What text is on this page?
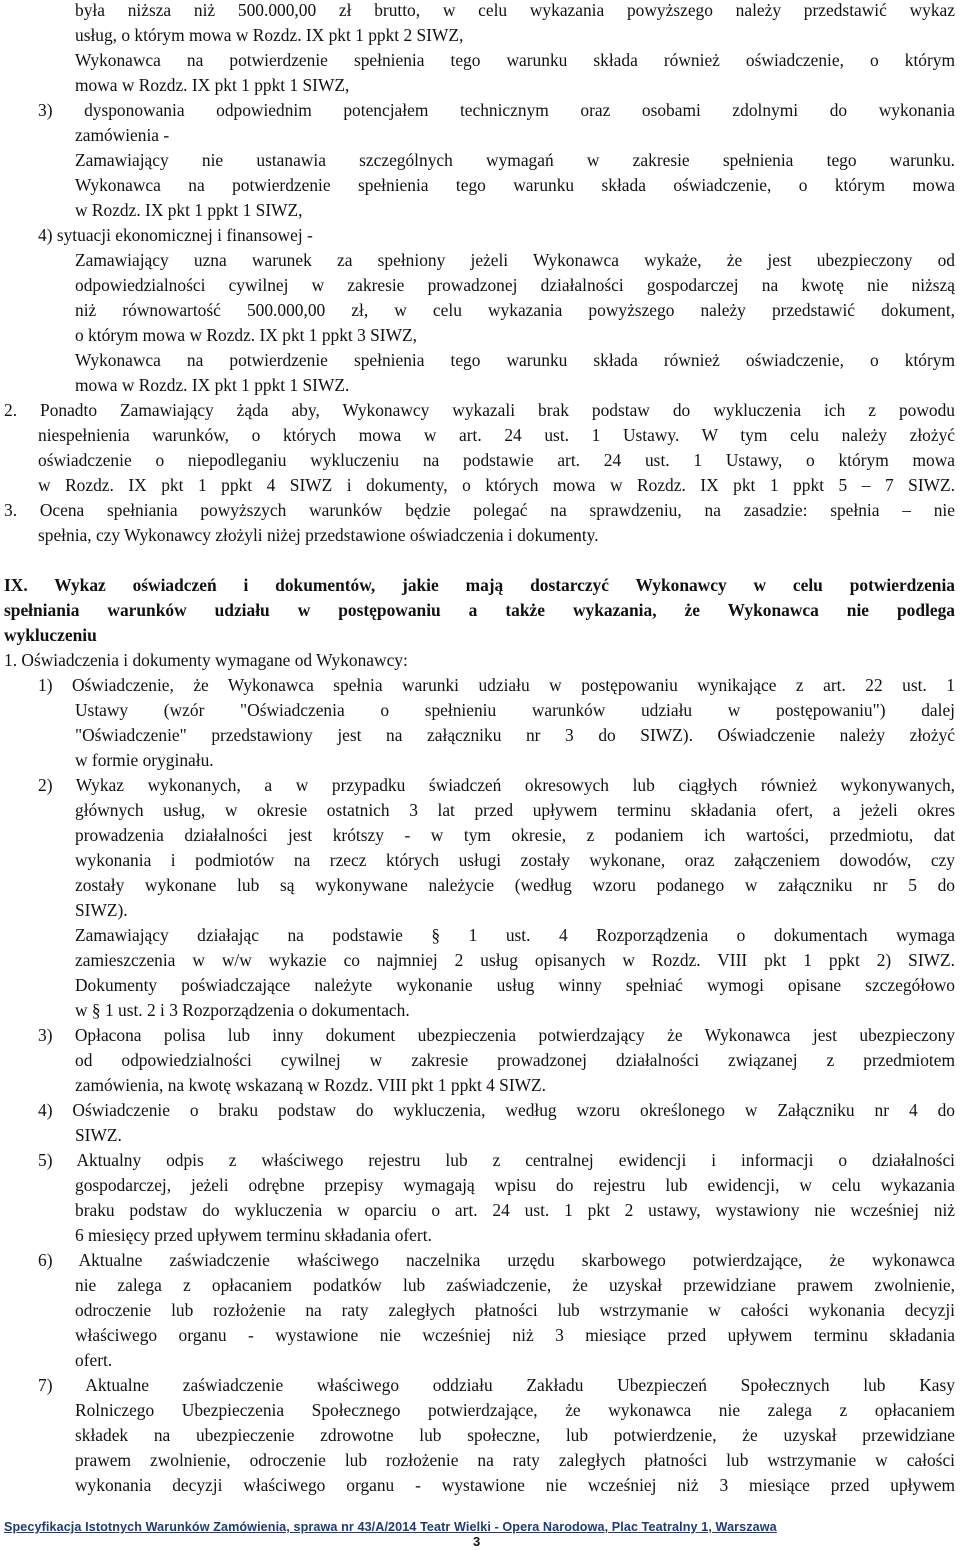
była niższa niż 500.000,00 zł brutto, w celu wykazania powyższego należy przedstawić wykaz
usług, o którym mowa w Rozdz. IX pkt 1 ppkt 2 SIWZ,
Wykonawca na potwierdzenie spełnienia tego warunku składa również oświadczenie, o którym
mowa w Rozdz. IX pkt 1 ppkt 1 SIWZ,
3) dysponowania odpowiednim potencjałem technicznym oraz osobami zdolnymi do wykonania
zamówienia -
Zamawiający nie ustanawia szczególnych wymagań w zakresie spełnienia tego warunku.
Wykonawca na potwierdzenie spełnienia tego warunku składa oświadczenie, o którym mowa
w Rozdz. IX pkt 1 ppkt 1 SIWZ,
4) sytuacji ekonomicznej i finansowej -
Zamawiający uzna warunek za spełniony jeżeli Wykonawca wykaże, że jest ubezpieczony od
odpowiedzialności cywilnej w zakresie prowadzonej działalności gospodarczej na kwotę nie niższą
niż równowartość 500.000,00 zł, w celu wykazania powyższego należy przedstawić dokument,
o którym mowa w Rozdz. IX pkt 1 ppkt 3 SIWZ,
Wykonawca na potwierdzenie spełnienia tego warunku składa również oświadczenie, o którym
mowa w Rozdz. IX pkt 1 ppkt 1 SIWZ.
2. Ponadto Zamawiający żąda aby, Wykonawcy wykazali brak podstaw do wykluczenia ich z powodu
niespełnienia warunków, o których mowa w art. 24 ust. 1 Ustawy. W tym celu należy złożyć
oświadczenie o niepodleganiu wykluczeniu na podstawie art. 24 ust. 1 Ustawy, o którym mowa
w Rozdz. IX pkt 1 ppkt 4 SIWZ i dokumenty, o których mowa w Rozdz. IX pkt 1 ppkt 5 – 7 SIWZ.
3. Ocena spełniania powyższych warunków będzie polegać na sprawdzeniu, na zasadzie: spełnia – nie
spełnia, czy Wykonawcy złożyli niżej przedstawione oświadczenia i dokumenty.
IX. Wykaz oświadczeń i dokumentów, jakie mają dostarczyć Wykonawcy w celu potwierdzenia
spełniania warunków udziału w postępowaniu a także wykazania, że Wykonawca nie podlega
wykluczeniu
1. Oświadczenia i dokumenty wymagane od Wykonawcy:
1) Oświadczenie, że Wykonawca spełnia warunki udziału w postępowaniu wynikające z art. 22 ust. 1
Ustawy (wzór "Oświadczenia o spełnieniu warunków udziału w postępowaniu") dalej
"Oświadczenie" przedstawiony jest na załączniku nr 3 do SIWZ). Oświadczenie należy złożyć
w formie oryginału.
2) Wykaz wykonanych, a w przypadku świadczeń okresowych lub ciągłych również wykonywanych,
głównych usług, w okresie ostatnich 3 lat przed upływem terminu składania ofert, a jeżeli okres
prowadzenia działalności jest krótszy - w tym okresie, z podaniem ich wartości, przedmiotu, dat
wykonania i podmiotów na rzecz których usługi zostały wykonane, oraz załączeniem dowodów, czy
zostały wykonane lub są wykonywane należycie (według wzoru podanego w załączniku nr 5 do
SIWZ).
Zamawiający działając na podstawie § 1 ust. 4 Rozporządzenia o dokumentach wymaga
zamieszczenia w w/w wykazie co najmniej 2 usług opisanych w Rozdz. VIII pkt 1 ppkt 2) SIWZ.
Dokumenty poświadczające należyte wykonanie usług winny spełniać wymogi opisane szczegółowo
w § 1 ust. 2 i 3 Rozporządzenia o dokumentach.
3) Opłacona polisa lub inny dokument ubezpieczenia potwierdzający że Wykonawca jest ubezpieczony
od odpowiedzialności cywilnej w zakresie prowadzonej działalności związanej z przedmiotem
zamówienia, na kwotę wskazaną w Rozdz. VIII pkt 1 ppkt 4 SIWZ.
4) Oświadczenie o braku podstaw do wykluczenia, według wzoru określonego w Załączniku nr 4 do
SIWZ.
5) Aktualny odpis z właściwego rejestru lub z centralnej ewidencji i informacji o działalności
gospodarczej, jeżeli odrębne przepisy wymagają wpisu do rejestru lub ewidencji, w celu wykazania
braku podstaw do wykluczenia w oparciu o art. 24 ust. 1 pkt 2 ustawy, wystawiony nie wcześniej niż
6 miesięcy przed upływem terminu składania ofert.
6) Aktualne zaświadczenie właściwego naczelnika urzędu skarbowego potwierdzające, że wykonawca
nie zalega z opłacaniem podatków lub zaświadczenie, że uzyskał przewidziane prawem zwolnienie,
odroczenie lub rozłożenie na raty zaległych płatności lub wstrzymanie w całości wykonania decyzji
właściwego organu - wystawione nie wcześniej niż 3 miesiące przed upływem terminu składania
ofert.
7) Aktualne zaświadczenie właściwego oddziału Zakładu Ubezpieczeń Społecznych lub Kasy
Rolniczego Ubezpieczenia Społecznego potwierdzające, że wykonawca nie zalega z opłacaniem
składek na ubezpieczenie zdrowotne lub społeczne, lub potwierdzenie, że uzyskał przewidziane
prawem zwolnienie, odroczenie lub rozłożenie na raty zaległych płatności lub wstrzymanie w całości
wykonania decyzji właściwego organu - wystawione nie wcześniej niż 3 miesiące przed upływem
Specyfikacja Istotnych Warunków Zamówienia, sprawa nr 43/A/2014 Teatr Wielki - Opera Narodowa, Plac Teatralny 1, Warszawa
3
